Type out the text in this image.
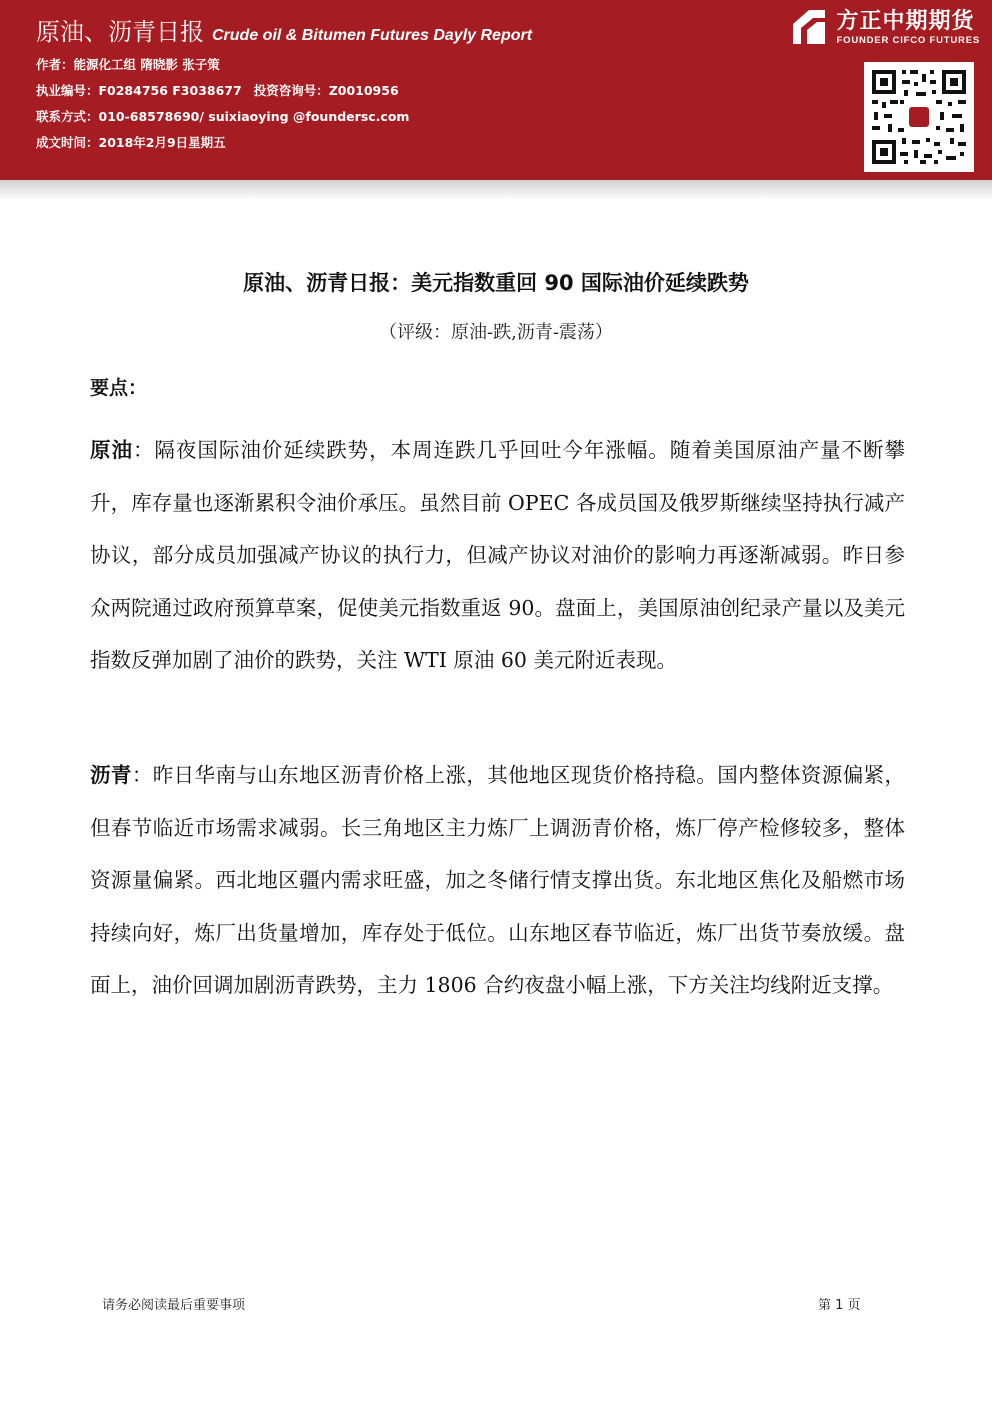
原油、沥青日报 Crude oil & Bitumen Futures Dayly Report
作者：能源化工组 隋晓影 张子策
执业编号：F0284756 F3038677 投资咨询号：Z0010956
联系方式：010-68578690/ suixiaoying @foundersc.com
成文时间：2018年2月9日星期五
方正中期期货
FOUNDER CIFCO FUTURES
原油、沥青日报：美元指数重回 90 国际油价延续跌势
（评级：原油-跌,沥青-震荡）
要点：
原油：隔夜国际油价延续跌势，本周连跌几乎回吐今年涨幅。随着美国原油产量不断攀升，库存量也逐渐累积令油价承压。虽然目前 OPEC 各成员国及俄罗斯继续坚持执行减产协议，部分成员加强减产协议的执行力，但减产协议对油价的影响力再逐渐减弱。昨日参众两院通过政府预算草案，促使美元指数重返 90。盘面上，美国原油创纪录产量以及美元指数反弹加剧了油价的跌势，关注 WTI 原油 60 美元附近表现。
沥青：昨日华南与山东地区沥青价格上涨，其他地区现货价格持稳。国内整体资源偏紧，但春节临近市场需求减弱。长三角地区主力炼厂上调沥青价格，炼厂停产检修较多，整体资源量偏紧。西北地区疆内需求旺盛，加之冬储行情支撑出货。东北地区焦化及船燃市场持续向好，炼厂出货量增加，库存处于低位。山东地区春节临近，炼厂出货节奏放缓。盘面上，油价回调加剧沥青跌势，主力 1806 合约夜盘小幅上涨，下方关注均线附近支撑。
请务必阅读最后重要事项	第 1 页
